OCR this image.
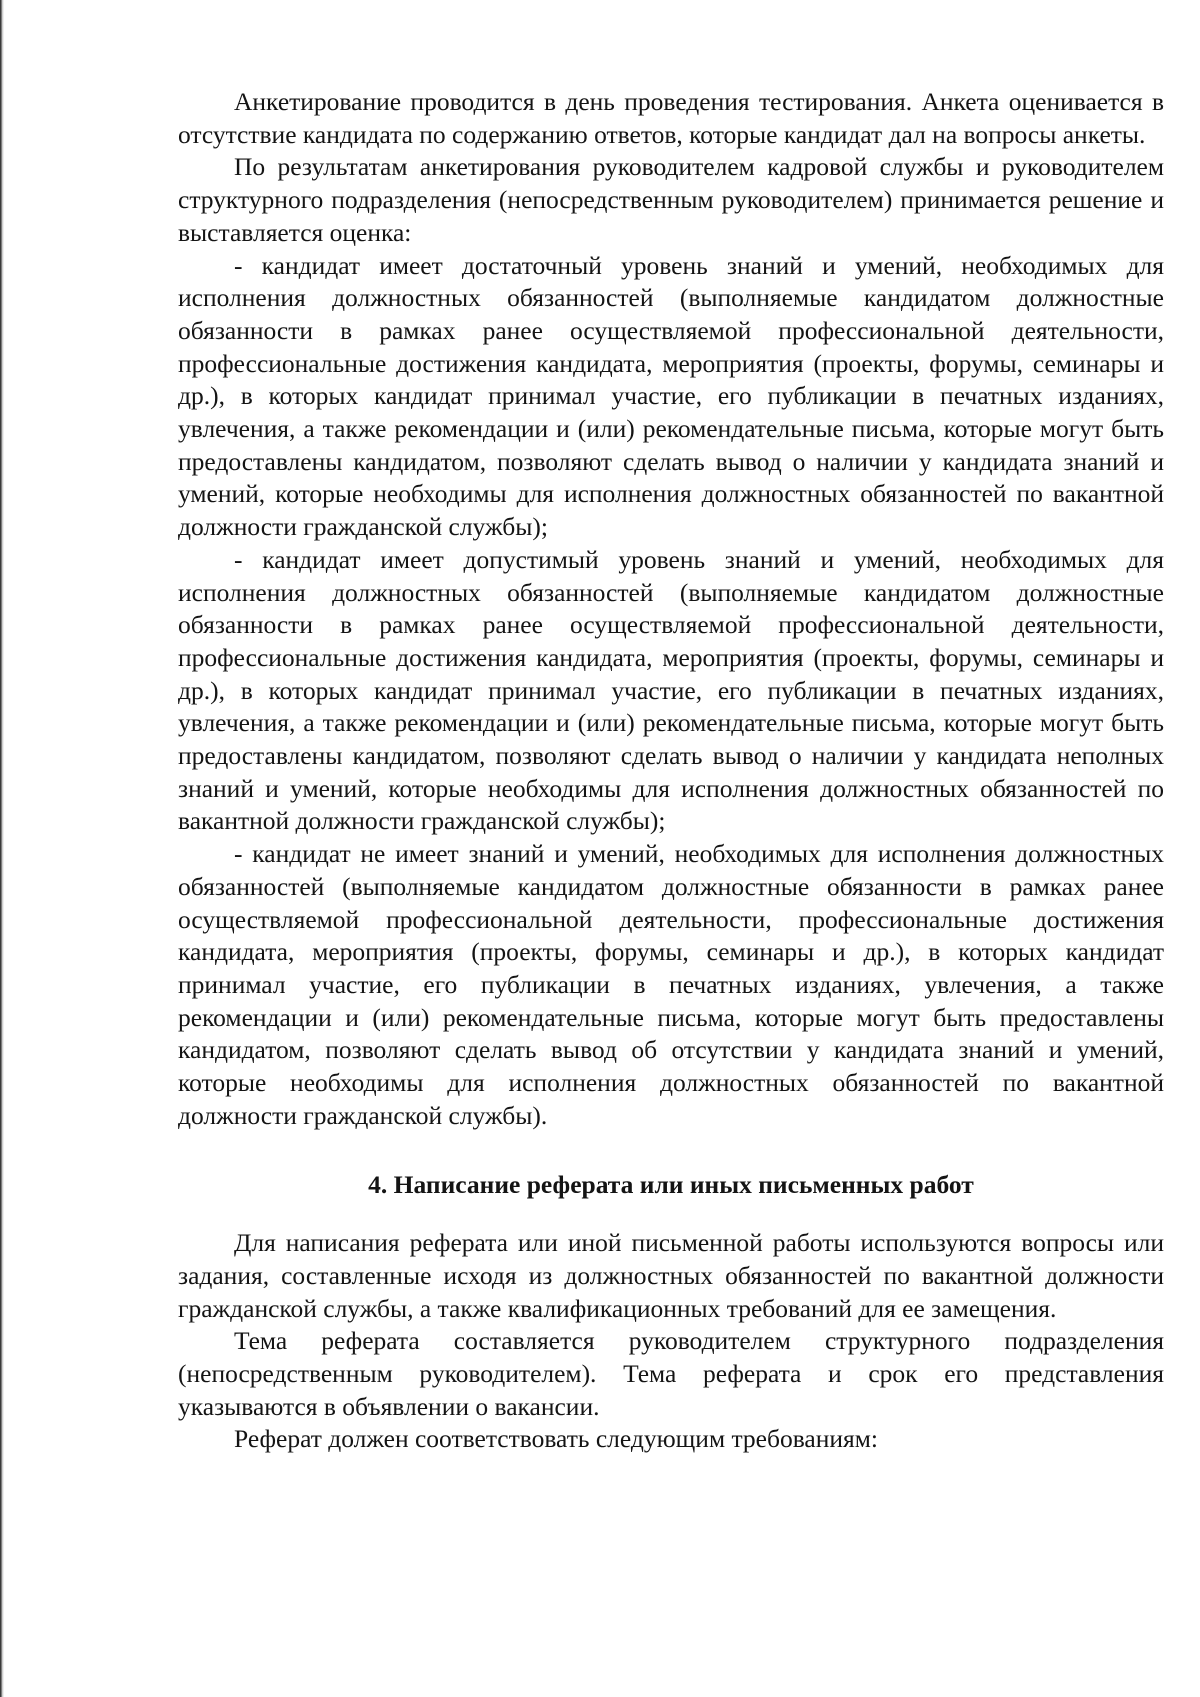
Анкетирование проводится в день проведения тестирования. Анкета оценивается в отсутствие кандидата по содержанию ответов, которые кандидат дал на вопросы анкеты.

По результатам анкетирования руководителем кадровой службы и руководителем структурного подразделения (непосредственным руководителем) принимается решение и выставляется оценка:

- кандидат имеет достаточный уровень знаний и умений, необходимых для исполнения должностных обязанностей (выполняемые кандидатом должностные обязанности в рамках ранее осуществляемой профессиональной деятельности, профессиональные достижения кандидата, мероприятия (проекты, форумы, семинары и др.), в которых кандидат принимал участие, его публикации в печатных изданиях, увлечения, а также рекомендации и (или) рекомендательные письма, которые могут быть предоставлены кандидатом, позволяют сделать вывод о наличии у кандидата знаний и умений, которые необходимы для исполнения должностных обязанностей по вакантной должности гражданской службы);

- кандидат имеет допустимый уровень знаний и умений, необходимых для исполнения должностных обязанностей (выполняемые кандидатом должностные обязанности в рамках ранее осуществляемой профессиональной деятельности, профессиональные достижения кандидата, мероприятия (проекты, форумы, семинары и др.), в которых кандидат принимал участие, его публикации в печатных изданиях, увлечения, а также рекомендации и (или) рекомендательные письма, которые могут быть предоставлены кандидатом, позволяют сделать вывод о наличии у кандидата неполных знаний и умений, которые необходимы для исполнения должностных обязанностей по вакантной должности гражданской службы);

- кандидат не имеет знаний и умений, необходимых для исполнения должностных обязанностей (выполняемые кандидатом должностные обязанности в рамках ранее осуществляемой профессиональной деятельности, профессиональные достижения кандидата, мероприятия (проекты, форумы, семинары и др.), в которых кандидат принимал участие, его публикации в печатных изданиях, увлечения, а также рекомендации и (или) рекомендательные письма, которые могут быть предоставлены кандидатом, позволяют сделать вывод об отсутствии у кандидата знаний и умений, которые необходимы для исполнения должностных обязанностей по вакантной должности гражданской службы).

4. Написание реферата или иных письменных работ

Для написания реферата или иной письменной работы используются вопросы или задания, составленные исходя из должностных обязанностей по вакантной должности гражданской службы, а также квалификационных требований для ее замещения.

Тема реферата составляется руководителем структурного подразделения (непосредственным руководителем). Тема реферата и срок его представления указываются в объявлении о вакансии.

Реферат должен соответствовать следующим требованиям:
